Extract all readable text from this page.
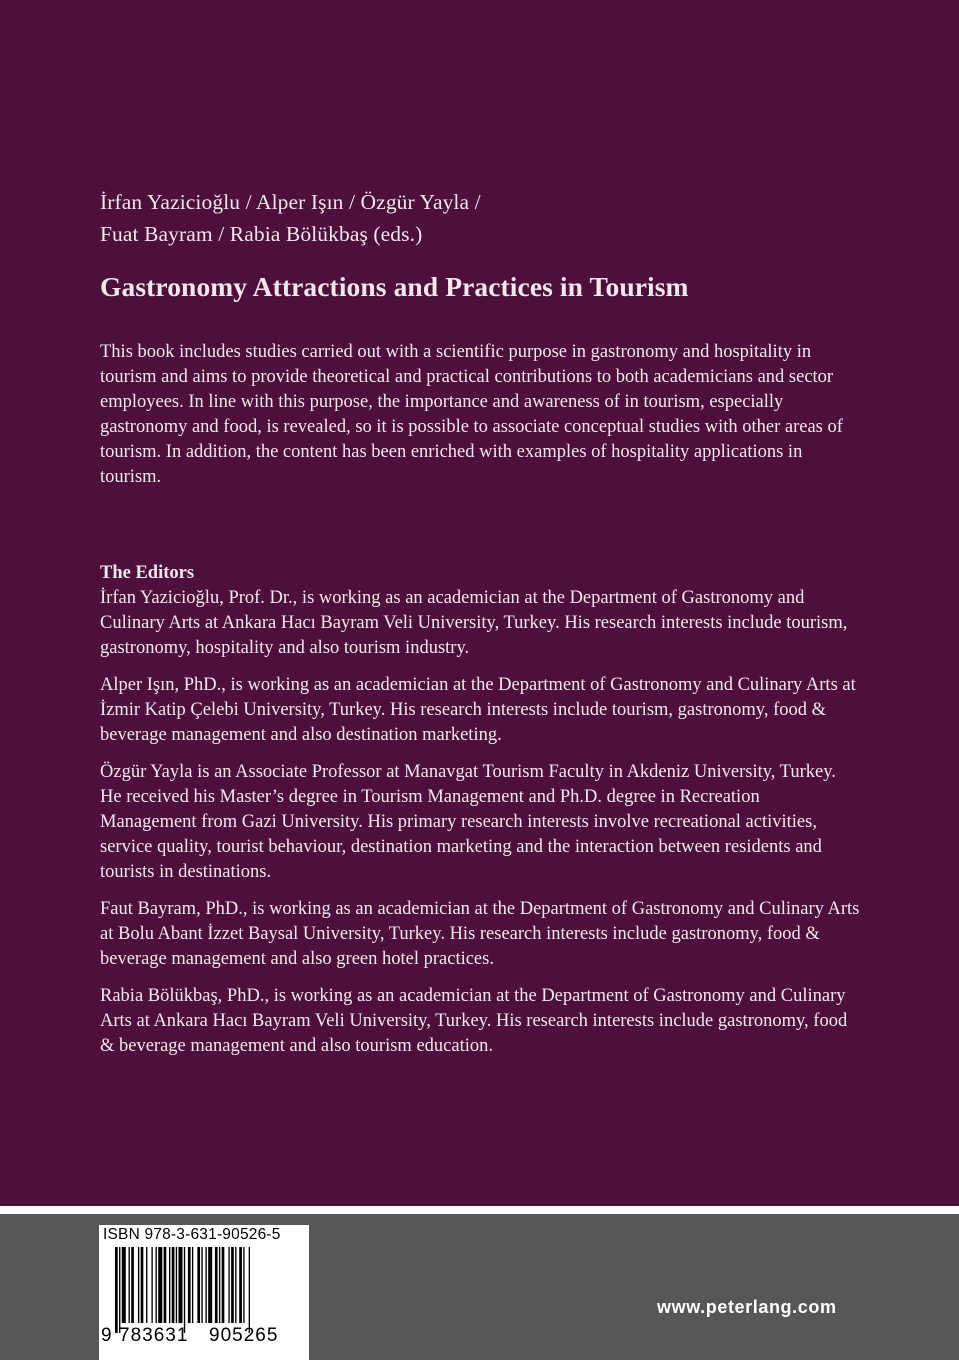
İrfan Yazicioğlu / Alper Işın / Özgür Yayla /
Fuat Bayram / Rabia Bölükbaş (eds.)
Gastronomy Attractions and Practices in Tourism
This book includes studies carried out with a scientific purpose in gastronomy and hospitality in tourism and aims to provide theoretical and practical contributions to both academicians and sector employees. In line with this purpose, the importance and awareness of in tourism, especially gastronomy and food, is revealed, so it is possible to associate conceptual studies with other areas of tourism. In addition, the content has been enriched with examples of hospitality applications in tourism.
The Editors

İrfan Yazicioğlu, Prof. Dr., is working as an academician at the Department of Gastronomy and Culinary Arts at Ankara Hacı Bayram Veli University, Turkey. His research interests include tourism, gastronomy, hospitality and also tourism industry.

Alper Işın, PhD., is working as an academician at the Department of Gastronomy and Culinary Arts at İzmir Katip Çelebi University, Turkey. His research interests include tourism, gastronomy, food & beverage management and also destination marketing.

Özgür Yayla is an Associate Professor at Manavgat Tourism Faculty in Akdeniz University, Turkey. He received his Master’s degree in Tourism Management and Ph.D. degree in Recreation Management from Gazi University. His primary research interests involve recreational activities, service quality, tourist behaviour, destination marketing and the interaction between residents and tourists in destinations.

Faut Bayram, PhD., is working as an academician at the Department of Gastronomy and Culinary Arts at Bolu Abant İzzet Baysal University, Turkey. His research interests include gastronomy, food & beverage management and also green hotel practices.

Rabia Bölükbaş, PhD., is working as an academician at the Department of Gastronomy and Culinary Arts at Ankara Hacı Bayram Veli University, Turkey. His research interests include gastronomy, food & beverage management and also tourism education.

ISBN 978-3-631-90526-5
9 783631 905265
www.peterlang.com
